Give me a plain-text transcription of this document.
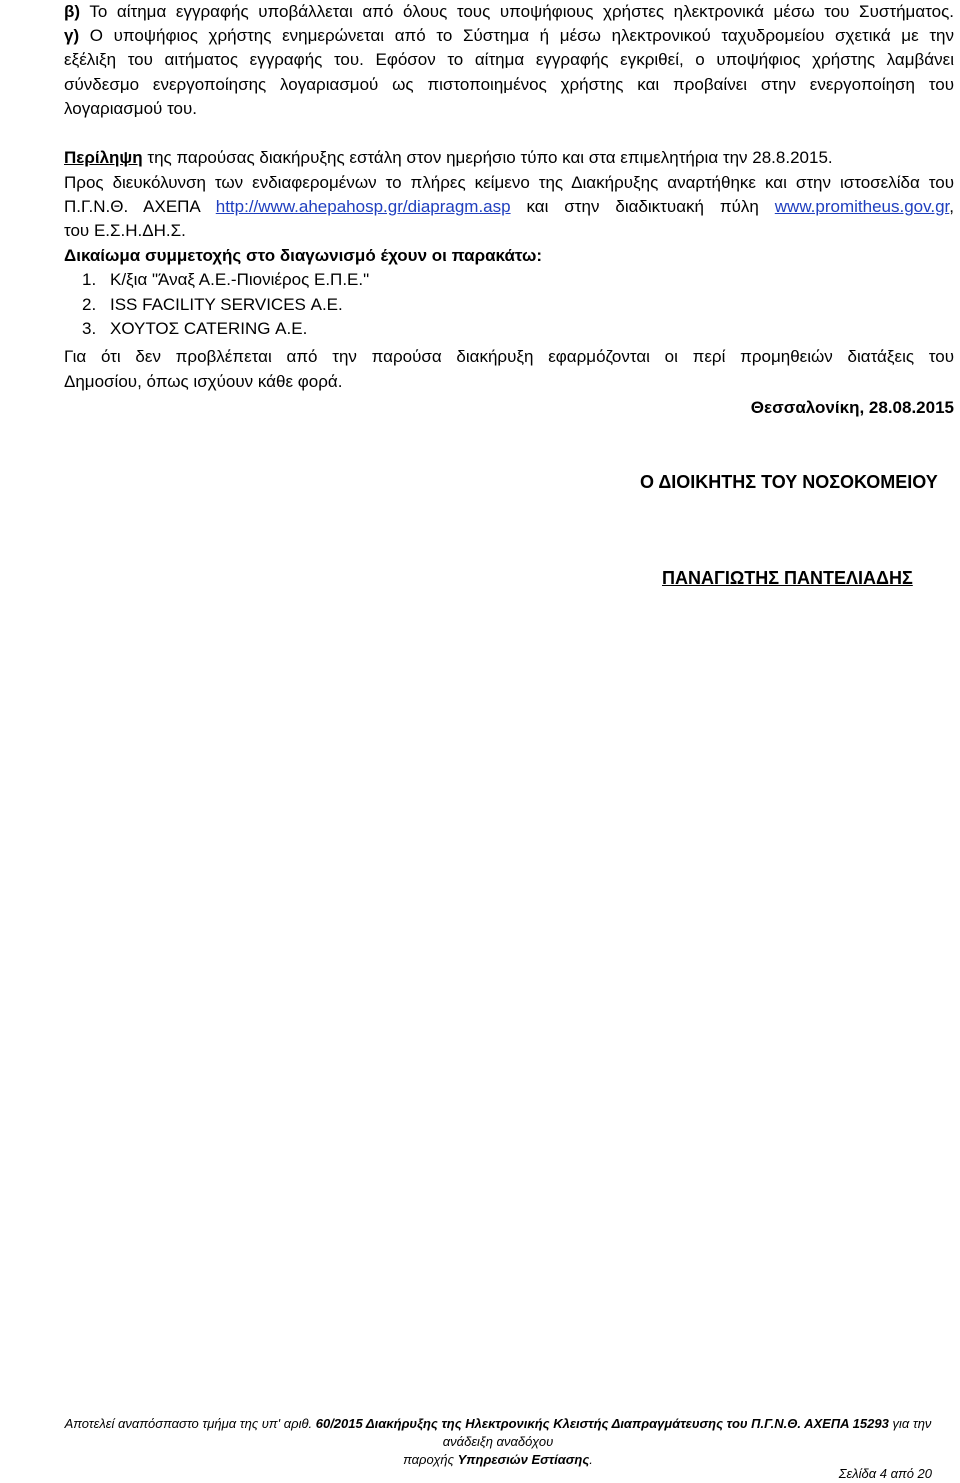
β) Το αίτημα εγγραφής υποβάλλεται από όλους τους υποψήφιους χρήστες ηλεκτρονικά μέσω του Συστήματος.
γ) Ο υποψήφιος χρήστης ενημερώνεται από το Σύστημα ή μέσω ηλεκτρονικού ταχυδρομείου σχετικά με την
εξέλιξη του αιτήματος εγγραφής του. Εφόσον το αίτημα εγγραφής εγκριθεί, ο υποψήφιος χρήστης λαμβάνει
σύνδεσμο ενεργοποίησης λογαριασμού ως πιστοποιημένος χρήστης και προβαίνει στην ενεργοποίηση του
λογαριασμού του.
Περίληψη της παρούσας διακήρυξης εστάλη στον ημερήσιο τύπο και στα επιμελητήρια την 28.8.2015.
Προς διευκόλυνση των ενδιαφερομένων το πλήρες κείμενο της Διακήρυξης αναρτήθηκε και στην ιστοσελίδα του
Π.Γ.Ν.Θ. ΑΧΕΠΑ http://www.ahepahosp.gr/diapragm.asp και στην διαδικτυακή πύλη www.promitheus.gov.gr,
του Ε.Σ.Η.ΔΗ.Σ.
Δικαίωμα συμμετοχής στο διαγωνισμό έχουν οι παρακάτω:
1. Κ/ξια "Άναξ Α.Ε.-Πιονιέρος Ε.Π.Ε."
2. ISS FACILITY SERVICES Α.Ε.
3. ΧΟΥΤΟΣ CATERING Α.Ε.
Για ότι δεν προβλέπεται από την παρούσα διακήρυξη εφαρμόζονται οι περί προμηθειών διατάξεις του
Δημοσίου, όπως ισχύουν κάθε φορά.
Θεσσαλονίκη, 28.08.2015
Ο ΔΙΟΙΚΗΤΗΣ ΤΟΥ ΝΟΣΟΚΟΜΕΙΟΥ
ΠΑΝΑΓΙΩΤΗΣ ΠΑΝΤΕΛΙΑΔΗΣ
Αποτελεί αναπόσπαστο τμήμα της υπ' αριθ. 60/2015 Διακήρυξης της Ηλεκτρονικής Κλειστής Διαπραγμάτευσης του Π.Γ.Ν.Θ. ΑΧΕΠΑ 15293 για την ανάδειξη αναδόχου
παροχής Υπηρεσιών Εστίασης.
Σελίδα 4 από 20
